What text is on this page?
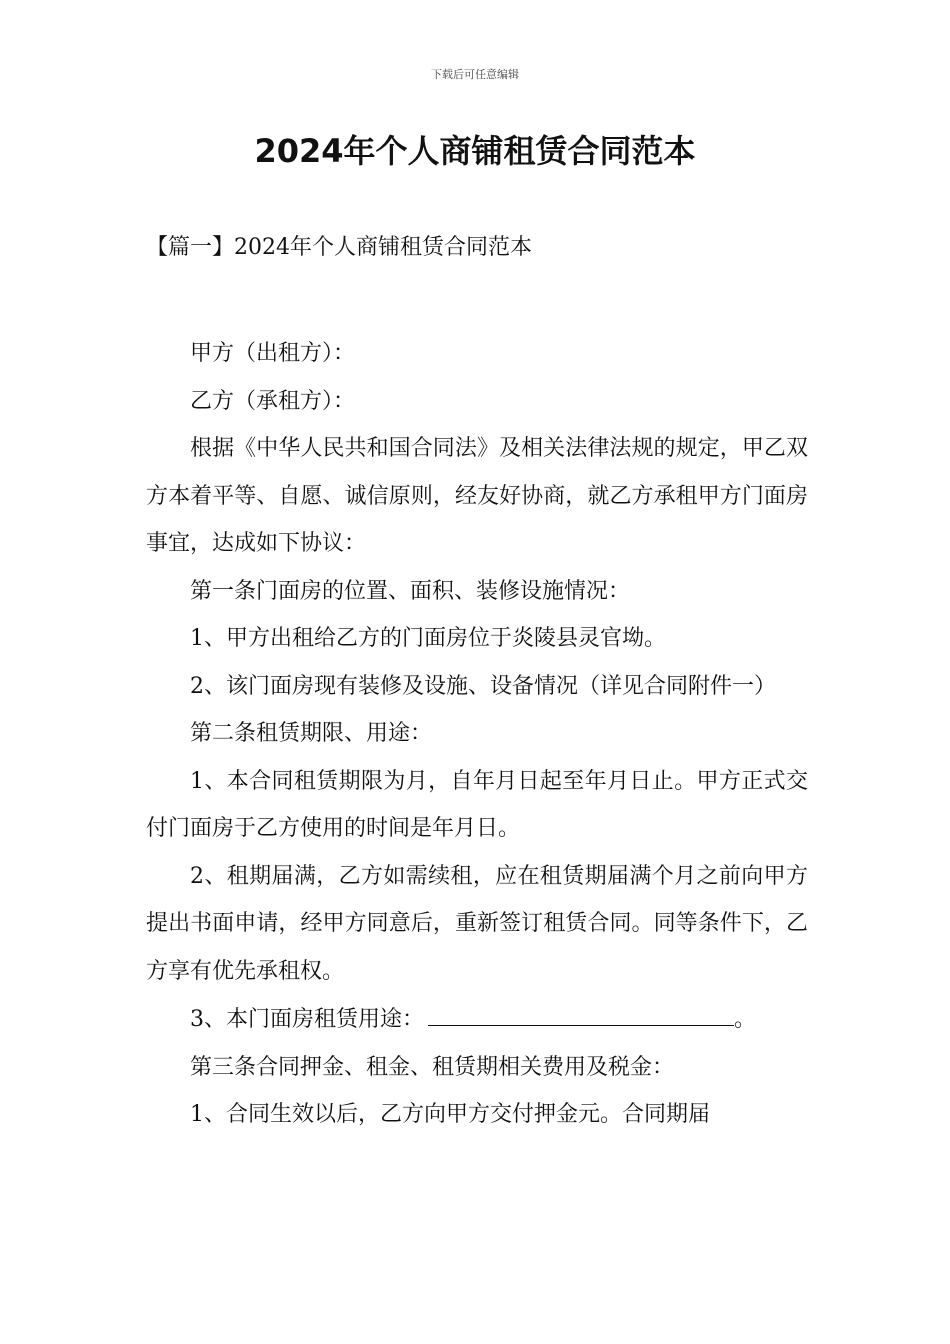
下载后可任意编辑
2024年个人商铺租赁合同范本
【篇一】2024年个人商铺租赁合同范本

甲方（出租方）：

乙方（承租方）：

根据《中华人民共和国合同法》及相关法律法规的规定，甲乙双方本着平等、自愿、诚信原则，经友好协商，就乙方承租甲方门面房事宜，达成如下协议：

第一条门面房的位置、面积、装修设施情况：

1、甲方出租给乙方的门面房位于炎陵县灵官坳。

2、该门面房现有装修及设施、设备情况（详见合同附件一）

第二条租赁期限、用途：

1、本合同租赁期限为月，自年月日起至年月日止。甲方正式交付门面房于乙方使用的时间是年月日。

2、租期届满，乙方如需续租，应在租赁期届满个月之前向甲方提出书面申请，经甲方同意后，重新签订租赁合同。同等条件下，乙方享有优先承租权。

3、本门面房租赁用途：	。

第三条合同押金、租金、租赁期相关费用及税金：

1、合同生效以后，乙方向甲方交付押金元。合同期届
